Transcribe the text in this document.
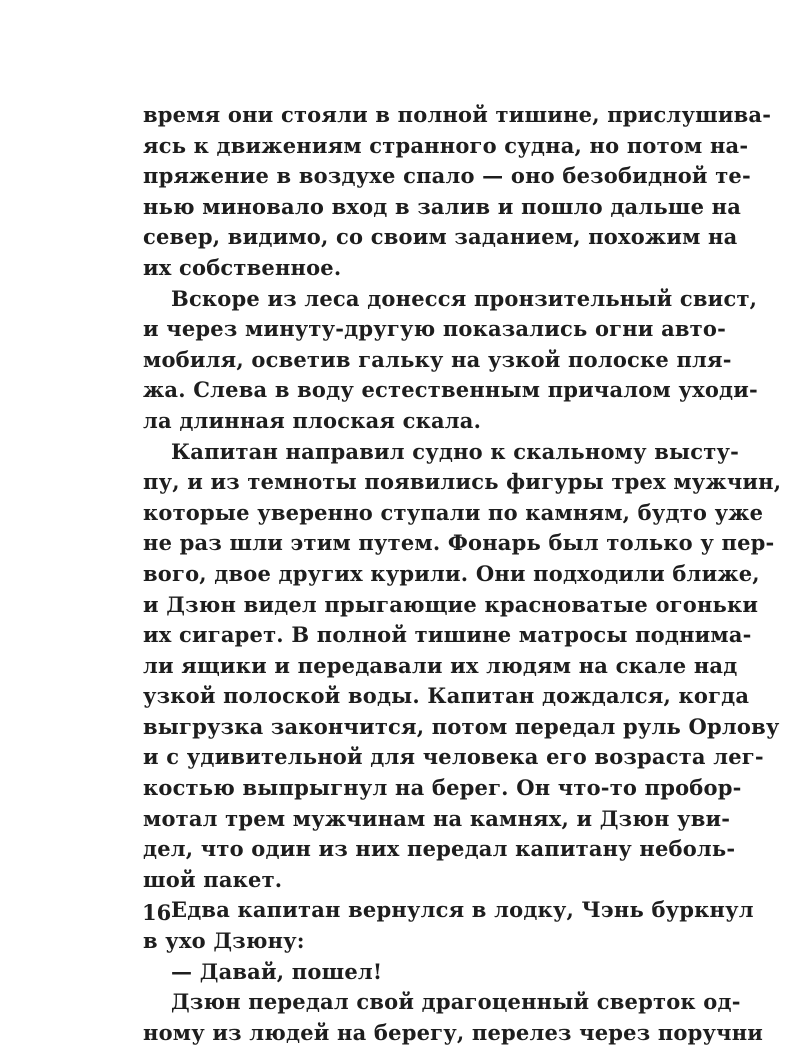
время они стояли в полной тишине, прислушива-
ясь к движениям странного судна, но потом на-
пряжение в воздухе спало — оно безобидной те-
нью миновало вход в залив и пошло дальше на
север, видимо, со своим заданием, похожим на
их собственное.
Вскоре из леса донесся пронзительный свист,
и через минуту-другую показались огни авто-
мобиля, осветив гальку на узкой полоске пля-
жа. Слева в воду естественным причалом уходи-
ла длинная плоская скала.
Капитан направил судно к скальному высту-
пу, и из темноты появились фигуры трех мужчин,
которые уверенно ступали по камням, будто уже
не раз шли этим путем. Фонарь был только у пер-
вого, двое других курили. Они подходили ближе,
и Дзюн видел прыгающие красноватые огоньки
их сигарет. В полной тишине матросы поднима-
ли ящики и передавали их людям на скале над
узкой полоской воды. Капитан дождался, когда
выгрузка закончится, потом передал руль Орлову
и с удивительной для человека его возраста лег-
костью выпрыгнул на берег. Он что-то пробор-
мотал трем мужчинам на камнях, и Дзюн уви-
дел, что один из них передал капитану неболь-
шой пакет.
Едва капитан вернулся в лодку, Чэнь буркнул
в ухо Дзюну:
— Давай, пошел!
Дзюн передал свой драгоценный сверток од-
ному из людей на берегу, перелез через поручни
16
